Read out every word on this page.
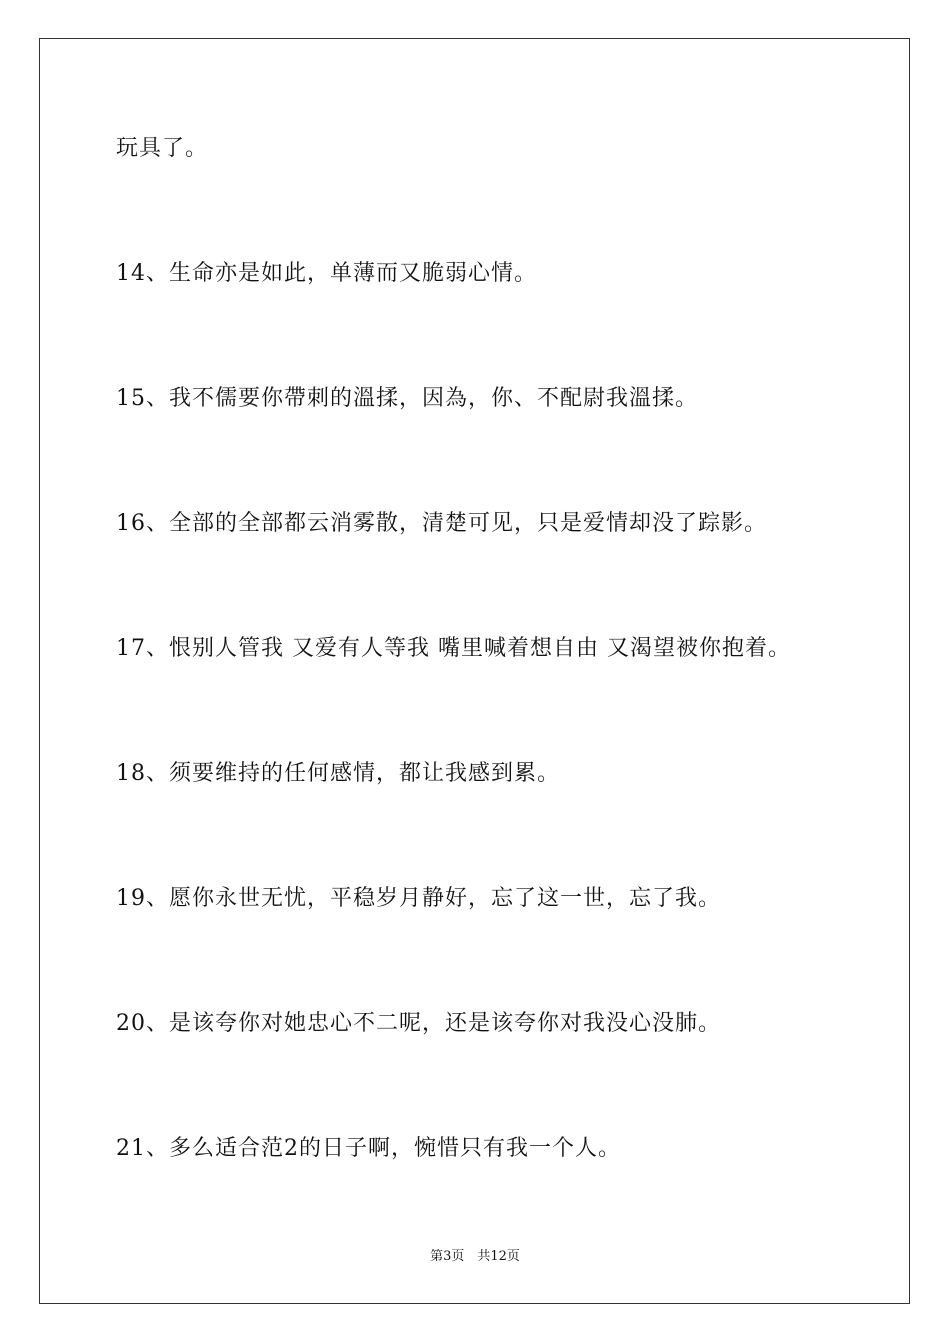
玩具了。
14、生命亦是如此，单薄而又脆弱心情。
15、我不儒要你帶刺的溫揉，因為，你、不配尉我溫揉。
16、全部的全部都云消雾散，清楚可见，只是爱情却没了踪影。
17、恨别人管我 又爱有人等我 嘴里喊着想自由 又渴望被你抱着。
18、须要维持的任何感情，都让我感到累。
19、愿你永世无忧，平稳岁月静好，忘了这一世，忘了我。
20、是该夸你对她忠心不二呢，还是该夸你对我没心没肺。
21、多么适合范2的日子啊，惋惜只有我一个人。
第3页　共12页
